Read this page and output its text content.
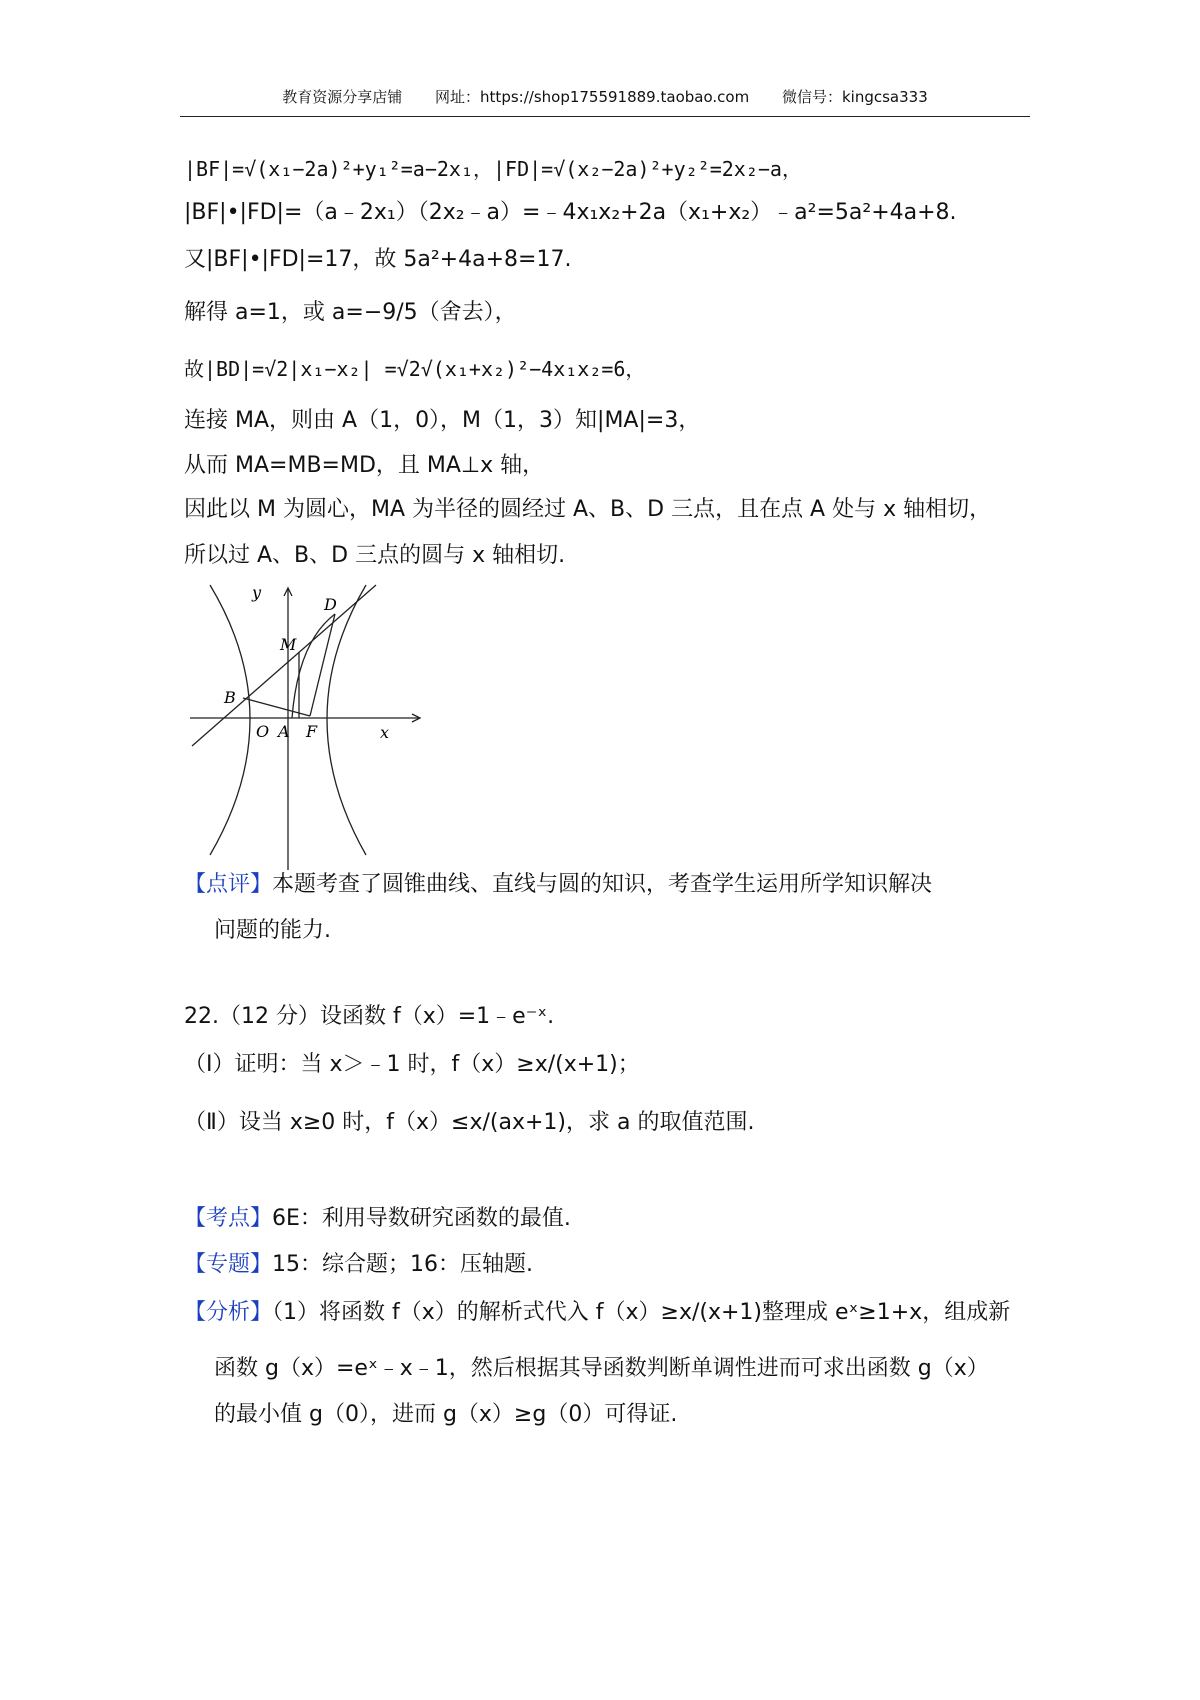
教育资源分享店铺 网址：https://shop175591889.taobao.com 微信号：kingcsa333
|BF|=√(x₁−2a)²+y₁²=a−2x₁，|FD|=√(x₂−2a)²+y₂²=2x₂−a，
|BF|•|FD|=（a﹣2x₁）（2x₂﹣a）=﹣4x₁x₂+2a（x₁+x₂）﹣a²=5a²+4a+8.
又|BF|•|FD|=17，故 5a²+4a+8=17.
解得 a=1，或 a=−9/5（舍去），
故|BD|=√2|x₁−x₂| =√2√(x₁+x₂)²−4x₁x₂=6，
连接 MA，则由 A（1，0），M（1，3）知|MA|=3，
从而 MA=MB=MD，且 MA⊥x 轴，
因此以 M 为圆心，MA 为半径的圆经过 A、B、D 三点，且在点 A 处与 x 轴相切，
所以过 A、B、D 三点的圆与 x 轴相切.
y
x
O A F
B
M
D
【点评】本题考查了圆锥曲线、直线与圆的知识，考查学生运用所学知识解决
问题的能力.
22.（12 分）设函数 f（x）=1﹣e⁻ˣ.
（Ⅰ）证明：当 x＞﹣1 时，f（x）≥x/(x+1)；
（Ⅱ）设当 x≥0 时，f（x）≤x/(ax+1)，求 a 的取值范围.
【考点】6E：利用导数研究函数的最值.
【专题】15：综合题；16：压轴题.
【分析】（1）将函数 f（x）的解析式代入 f（x）≥x/(x+1)整理成 eˣ≥1+x，组成新
函数 g（x）=eˣ﹣x﹣1，然后根据其导函数判断单调性进而可求出函数 g（x）
的最小值 g（0），进而 g（x）≥g（0）可得证.
